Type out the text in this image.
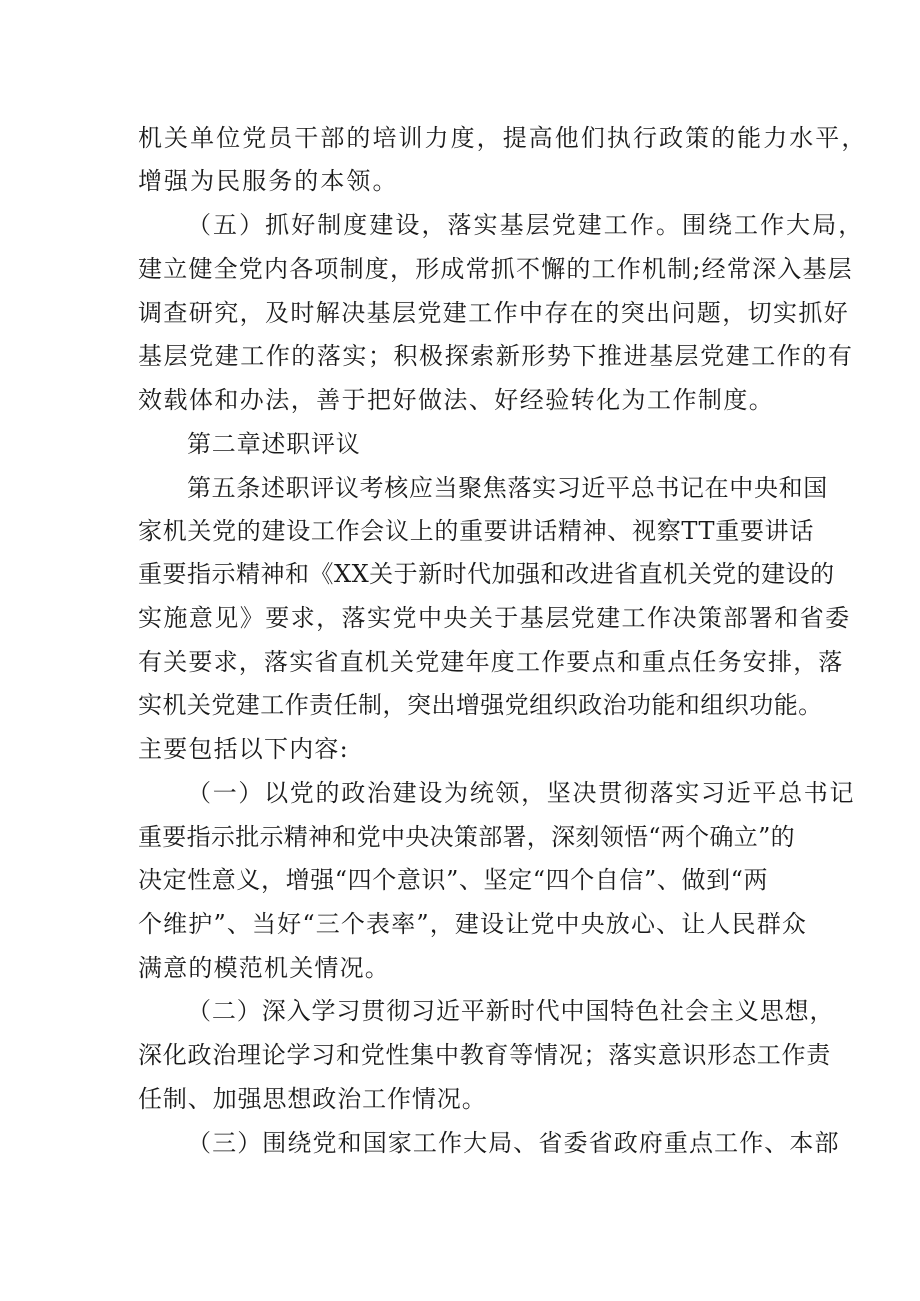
机关单位党员干部的培训力度，提高他们执行政策的能力水平，
增强为民服务的本领。
（五）抓好制度建设，落实基层党建工作。围绕工作大局，
建立健全党内各项制度，形成常抓不懈的工作机制;经常深入基层
调查研究，及时解决基层党建工作中存在的突出问题，切实抓好
基层党建工作的落实；积极探索新形势下推进基层党建工作的有
效载体和办法，善于把好做法、好经验转化为工作制度。
第二章述职评议
第五条述职评议考核应当聚焦落实习近平总书记在中央和国
家机关党的建设工作会议上的重要讲话精神、视察TT重要讲话
重要指示精神和《XX关于新时代加强和改进省直机关党的建设的
实施意见》要求，落实党中央关于基层党建工作决策部署和省委
有关要求，落实省直机关党建年度工作要点和重点任务安排，落
实机关党建工作责任制，突出增强党组织政治功能和组织功能。
主要包括以下内容:
（一）以党的政治建设为统领，坚决贯彻落实习近平总书记
重要指示批示精神和党中央决策部署，深刻领悟“两个确立”的
决定性意义，增强“四个意识”、坚定“四个自信”、做到“两
个维护”、当好“三个表率”，建设让党中央放心、让人民群众
满意的模范机关情况。
（二）深入学习贯彻习近平新时代中国特色社会主义思想，
深化政治理论学习和党性集中教育等情况；落实意识形态工作责
任制、加强思想政治工作情况。
（三）围绕党和国家工作大局、省委省政府重点工作、本部
